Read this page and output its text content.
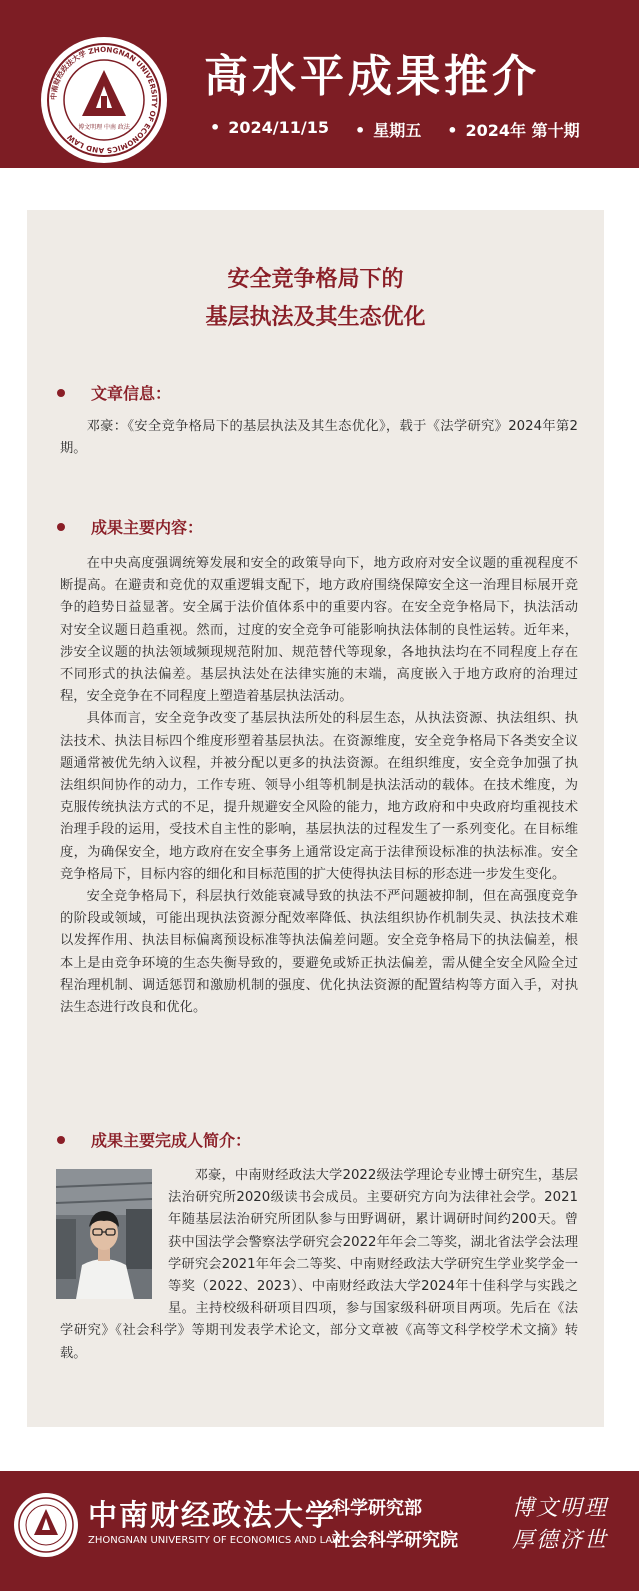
中南财经政法大学 ZHONGNAN UNIVERSITY OF ECONOMICS AND LAW
博文明理 中南 政法
高水平成果推介
• 2024/11/15	• 星期五	• 2024年 第十期
安全竞争格局下的
基层执法及其生态优化
文章信息：

邓豪：《安全竞争格局下的基层执法及其生态优化》，载于《法学研究》2024年第2期。

成果主要内容：

在中央高度强调统筹发展和安全的政策导向下，地方政府对安全议题的重视程度不断提高。在避责和竞优的双重逻辑支配下，地方政府围绕保障安全这一治理目标展开竞争的趋势日益显著。安全属于法价值体系中的重要内容。在安全竞争格局下，执法活动对安全议题日趋重视。然而，过度的安全竞争可能影响执法体制的良性运转。近年来，涉安全议题的执法领域频现规范附加、规范替代等现象，各地执法均在不同程度上存在不同形式的执法偏差。基层执法处在法律实施的末端，高度嵌入于地方政府的治理过程，安全竞争在不同程度上塑造着基层执法活动。

具体而言，安全竞争改变了基层执法所处的科层生态，从执法资源、执法组织、执法技术、执法目标四个维度形塑着基层执法。在资源维度，安全竞争格局下各类安全议题通常被优先纳入议程，并被分配以更多的执法资源。在组织维度，安全竞争加强了执法组织间协作的动力，工作专班、领导小组等机制是执法活动的载体。在技术维度，为克服传统执法方式的不足，提升规避安全风险的能力，地方政府和中央政府均重视技术治理手段的运用，受技术自主性的影响，基层执法的过程发生了一系列变化。在目标维度，为确保安全，地方政府在安全事务上通常设定高于法律预设标准的执法标准。安全竞争格局下，目标内容的细化和目标范围的扩大使得执法目标的形态进一步发生变化。

安全竞争格局下，科层执行效能衰减导致的执法不严问题被抑制，但在高强度竞争的阶段或领域，可能出现执法资源分配效率降低、执法组织协作机制失灵、执法技术难以发挥作用、执法目标偏离预设标准等执法偏差问题。安全竞争格局下的执法偏差，根本上是由竞争环境的生态失衡导致的，要避免或矫正执法偏差，需从健全安全风险全过程治理机制、调适惩罚和激励机制的强度、优化执法资源的配置结构等方面入手，对执法生态进行改良和优化。

成果主要完成人简介：

邓豪，中南财经政法大学2022级法学理论专业博士研究生，基层法治研究所2020级读书会成员。主要研究方向为法律社会学。2021年随基层法治研究所团队参与田野调研，累计调研时间约200天。曾获中国法学会警察法学研究会2022年年会二等奖，湖北省法学会法理学研究会2021年年会二等奖、中南财经政法大学研究生学业奖学金一等奖（2022、2023）、中南财经政法大学2024年十佳科学与实践之星。主持校级科研项目四项，参与国家级科研项目两项。先后在《法学研究》《社会科学》等期刊发表学术论文，部分文章被《高等文科学校学术文摘》转载。

中南财经政法大学
ZHONGNAN UNIVERSITY OF ECONOMICS AND LAW
科学研究部
社会科学研究院
博文明理
厚德济世
